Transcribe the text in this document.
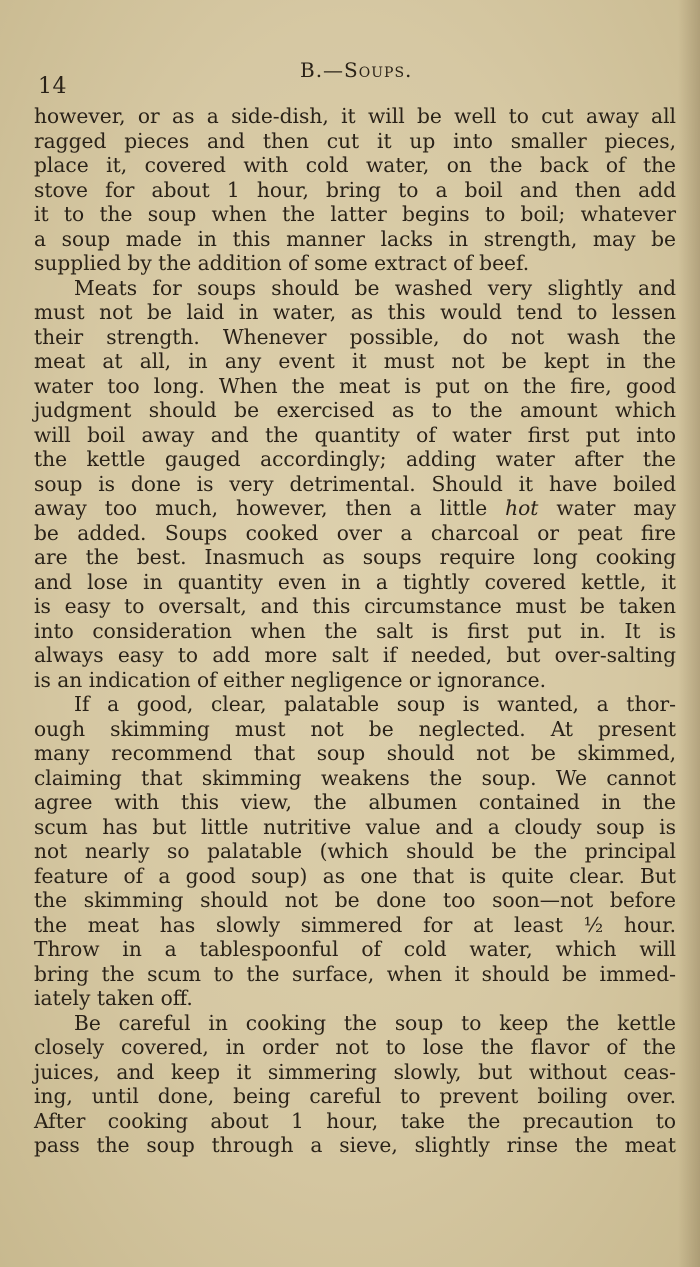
14
B.—Soups.
however, or as a side-dish, it will be well to cut away all
ragged pieces and then cut it up into smaller pieces,
place it, covered with cold water, on the back of the
stove for about 1 hour, bring to a boil and then add
it to the soup when the latter begins to boil; whatever
a soup made in this manner lacks in strength, may be
supplied by the addition of some extract of beef.
Meats for soups should be washed very slightly and
must not be laid in water, as this would tend to lessen
their strength. Whenever possible, do not wash the
meat at all, in any event it must not be kept in the
water too long. When the meat is put on the fire, good
judgment should be exercised as to the amount which
will boil away and the quantity of water first put into
the kettle gauged accordingly; adding water after the
soup is done is very detrimental. Should it have boiled
away too much, however, then a little hot water may
be added. Soups cooked over a charcoal or peat fire
are the best. Inasmuch as soups require long cooking
and lose in quantity even in a tightly covered kettle, it
is easy to oversalt, and this circumstance must be taken
into consideration when the salt is first put in. It is
always easy to add more salt if needed, but over-salting
is an indication of either negligence or ignorance.
If a good, clear, palatable soup is wanted, a thor-
ough skimming must not be neglected. At present
many recommend that soup should not be skimmed,
claiming that skimming weakens the soup. We cannot
agree with this view, the albumen contained in the
scum has but little nutritive value and a cloudy soup is
not nearly so palatable (which should be the principal
feature of a good soup) as one that is quite clear. But
the skimming should not be done too soon—not before
the meat has slowly simmered for at least ½ hour.
Throw in a tablespoonful of cold water, which will
bring the scum to the surface, when it should be immed-
iately taken off.
Be careful in cooking the soup to keep the kettle
closely covered, in order not to lose the flavor of the
juices, and keep it simmering slowly, but without ceas-
ing, until done, being careful to prevent boiling over.
After cooking about 1 hour, take the precaution to
pass the soup through a sieve, slightly rinse the meat
